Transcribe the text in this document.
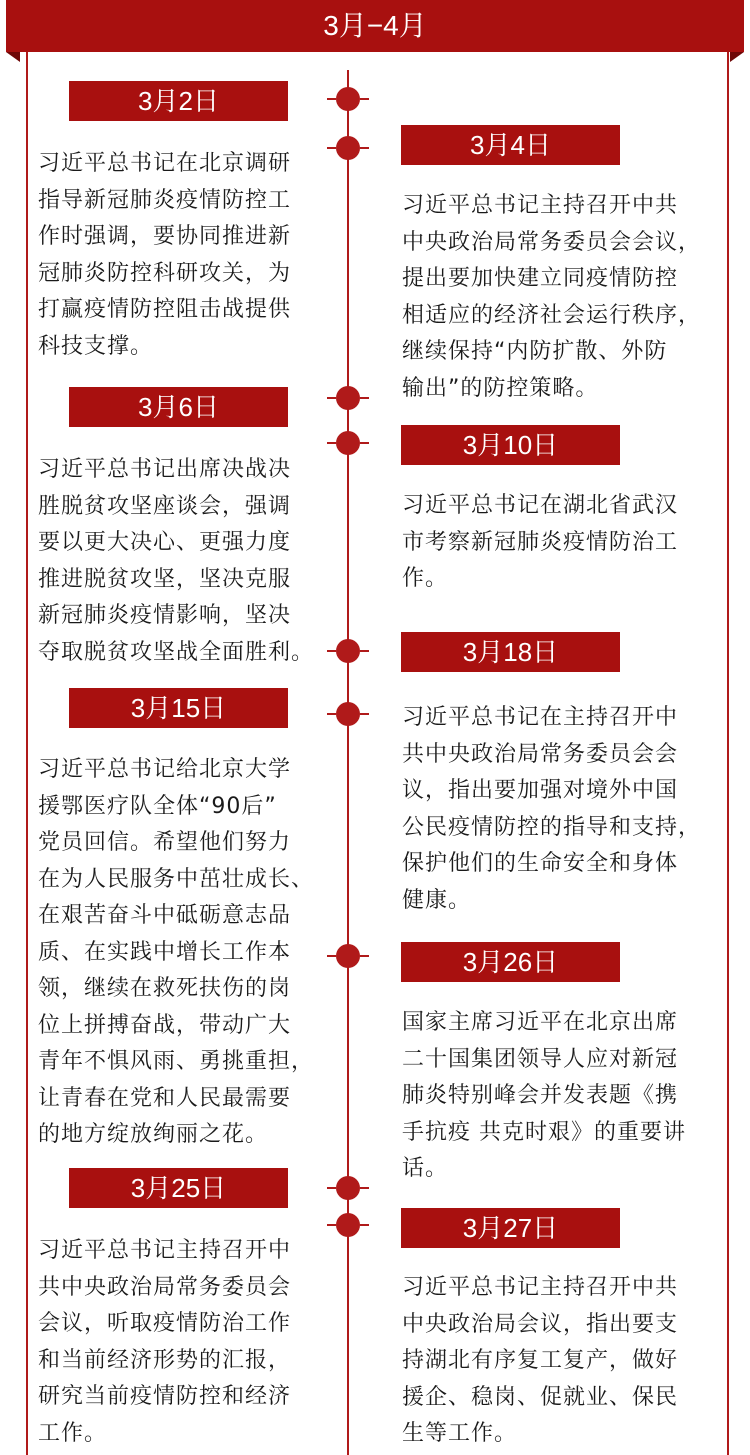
3月−4月
3月2日
习近平总书记在北京调研
指导新冠肺炎疫情防控工
作时强调，要协同推进新
冠肺炎防控科研攻关，为
打赢疫情防控阻击战提供
科技支撑。
3月6日
习近平总书记出席决战决
胜脱贫攻坚座谈会，强调
要以更大决心、更强力度
推进脱贫攻坚，坚决克服
新冠肺炎疫情影响，坚决
夺取脱贫攻坚战全面胜利。
3月15日
习近平总书记给北京大学
援鄂医疗队全体“90后”
党员回信。希望他们努力
在为人民服务中茁壮成长、
在艰苦奋斗中砥砺意志品
质、在实践中增长工作本
领，继续在救死扶伤的岗
位上拼搏奋战，带动广大
青年不惧风雨、勇挑重担，
让青春在党和人民最需要
的地方绽放绚丽之花。
3月25日
习近平总书记主持召开中
共中央政治局常务委员会
会议，听取疫情防治工作
和当前经济形势的汇报，
研究当前疫情防控和经济
工作。
3月4日
习近平总书记主持召开中共
中央政治局常务委员会会议，
提出要加快建立同疫情防控
相适应的经济社会运行秩序，
继续保持“内防扩散、外防
输出”的防控策略。
3月10日
习近平总书记在湖北省武汉
市考察新冠肺炎疫情防治工
作。
3月18日
习近平总书记在主持召开中
共中央政治局常务委员会会
议，指出要加强对境外中国
公民疫情防控的指导和支持，
保护他们的生命安全和身体
健康。
3月26日
国家主席习近平在北京出席
二十国集团领导人应对新冠
肺炎特别峰会并发表题《携
手抗疫 共克时艰》的重要讲
话。
3月27日
习近平总书记主持召开中共
中央政治局会议，指出要支
持湖北有序复工复产，做好
援企、稳岗、促就业、保民
生等工作。
